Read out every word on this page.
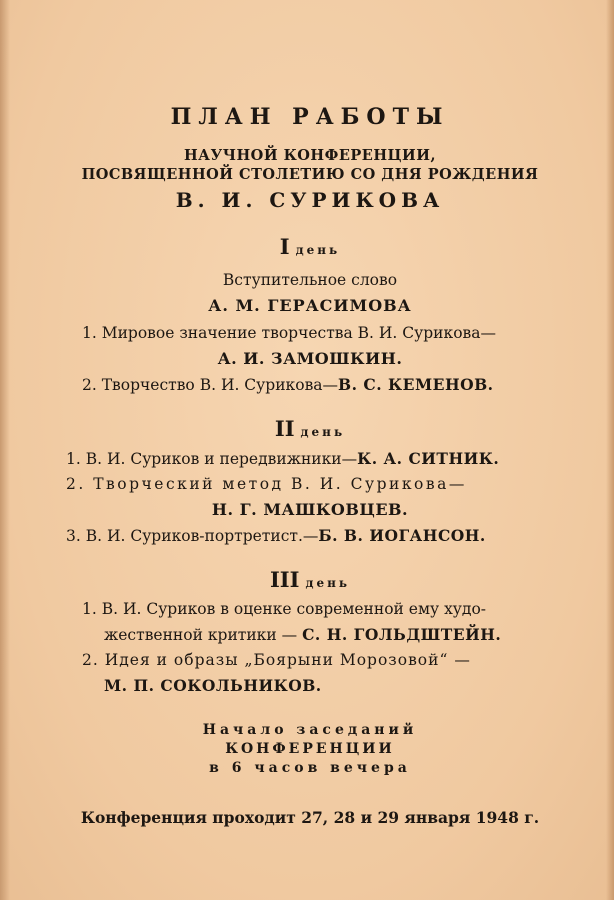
ПЛАН РАБОТЫ
НАУЧНОЙ КОНФЕРЕНЦИИ,
ПОСВЯЩЕННОЙ СТОЛЕТИЮ СО ДНЯ РОЖДЕНИЯ
В. И. СУРИКОВА
Iдень
Вступительное слово
А. М. ГЕРАСИМОВА
1. Мировое значение творчества В. И. Сурикова—
А. И. ЗАМОШКИН.
2. Творчество В. И. Сурикова—В. С. КЕМЕНОВ.
II день
1. В. И. Суриков и передвижники—К. А. СИТНИК.
2. Творческий метод В. И. Сурикова—
Н. Г. МАШКОВЦЕВ.
3. В. И. Суриков-портретист.—Б. В. ИОГАНСОН.
III день
1. В. И. Суриков в оценке современной ему худо-
жественной критики — С. Н. ГОЛЬДШТЕЙН.
2. Идея и образы „Боярыни Морозовой“ —
М. П. СОКОЛЬНИКОВ.
Начало заседаний
КОНФЕРЕНЦИИ
в 6 часов вечера
Конференция проходит 27, 28 и 29 января 1948 г.
